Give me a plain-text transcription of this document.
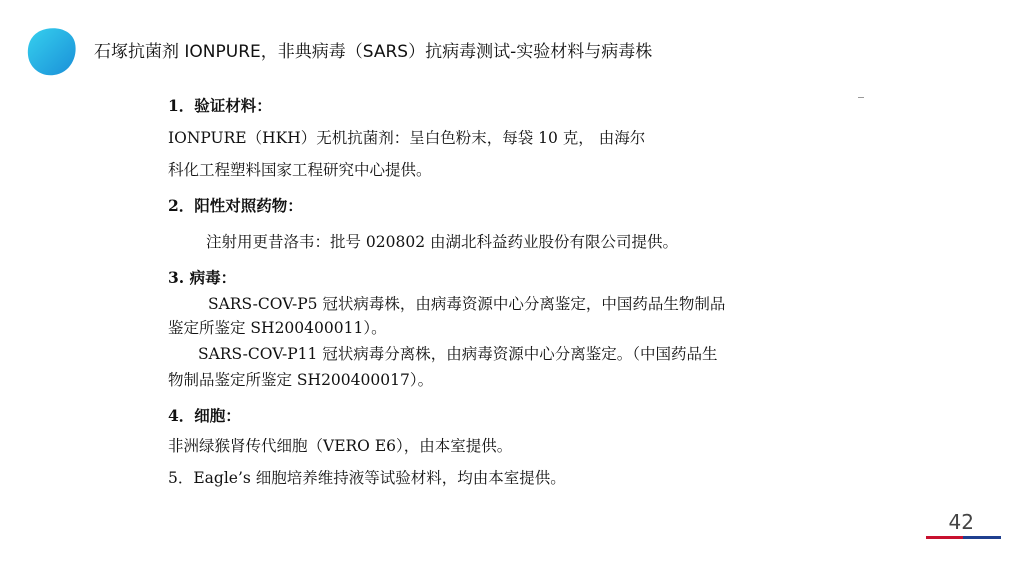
石塚抗菌剂 IONPURE，非典病毒（SARS）抗病毒测试-实验材料与病毒株
1．验证材料：
IONPURE（HKH）无机抗菌剂：呈白色粉末，每袋 10 克， 由海尔
科化工程塑料国家工程研究中心提供。
2．阳性对照药物：
注射用更昔洛韦：批号 020802 由湖北科益药业股份有限公司提供。
3. 病毒：
SARS-COV-P5 冠状病毒株，由病毒资源中心分离鉴定，中国药品生物制品
鉴定所鉴定 SH200400011）。
SARS-COV-P11 冠状病毒分离株，由病毒资源中心分离鉴定。（中国药品生
物制品鉴定所鉴定 SH200400017）。
4．细胞：
非洲绿猴肾传代细胞（VERO E6），由本室提供。
5．Eagle’s 细胞培养维持液等试验材料，均由本室提供。
42
